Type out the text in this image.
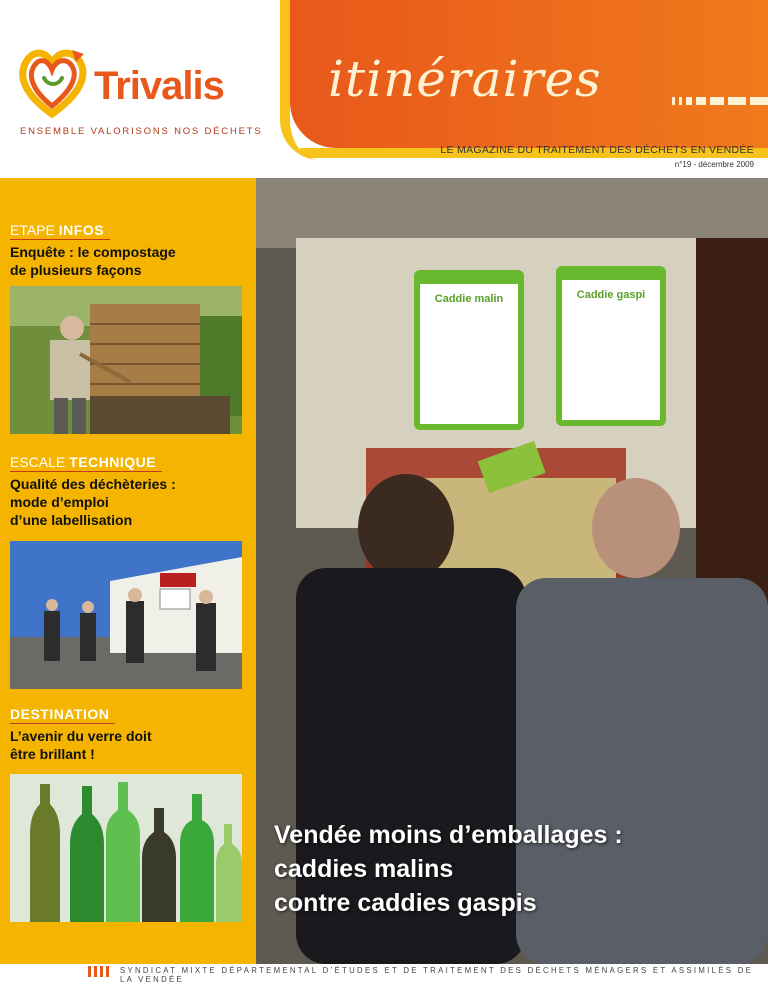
itinéraires
Trivalis
ENSEMBLE VALORISONS NOS DÉCHETS
LE MAGAZINE DU TRAITEMENT DES DÉCHETS EN VENDÉE
n°19 - décembre 2009
ETAPE INFOS
Enquête : le compostage
de plusieurs façons
ESCALE TECHNIQUE
Qualité des déchèteries :
mode d’emploi
d’une labellisation
DESTINATION
L’avenir du verre doit
être brillant !
Caddie malin	Caddie gaspi
Vendée moins d’emballages :
caddies malins
contre caddies gaspis
SYNDICAT MIXTE DÉPARTEMENTAL D’ÉTUDES ET DE TRAITEMENT DES DÉCHETS MÉNAGERS ET ASSIMILÉS DE LA VENDÉE
